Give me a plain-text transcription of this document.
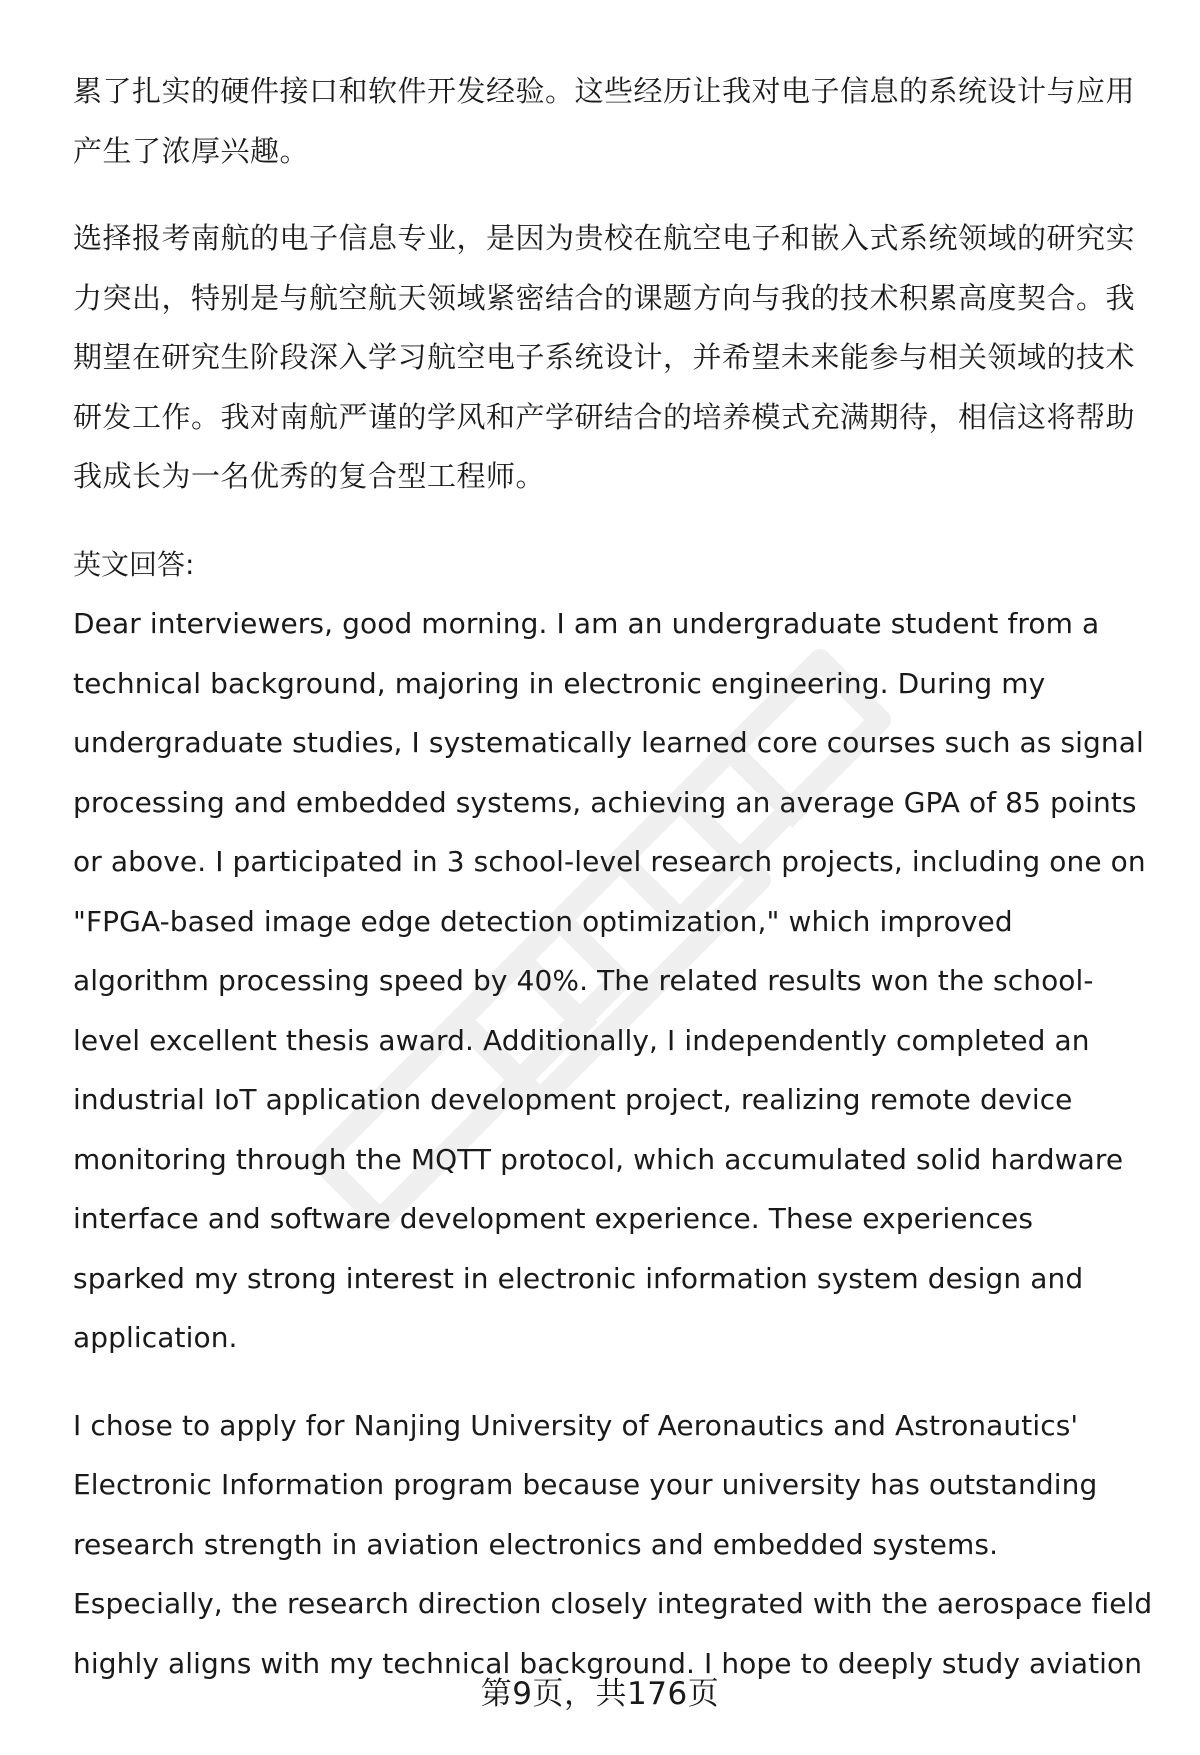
累了扎实的硬件接口和软件开发经验。这些经历让我对电子信息的系统设计与应用产生了浓厚兴趣。

选择报考南航的电子信息专业，是因为贵校在航空电子和嵌入式系统领域的研究实力突出，特别是与航空航天领域紧密结合的课题方向与我的技术积累高度契合。我期望在研究生阶段深入学习航空电子系统设计，并希望未来能参与相关领域的技术研发工作。我对南航严谨的学风和产学研结合的培养模式充满期待，相信这将帮助我成长为一名优秀的复合型工程师。

英文回答:

Dear interviewers, good morning. I am an undergraduate student from a technical background, majoring in electronic engineering. During my undergraduate studies, I systematically learned core courses such as signal processing and embedded systems, achieving an average GPA of 85 points or above. I participated in 3 school-level research projects, including one on "FPGA-based image edge detection optimization," which improved algorithm processing speed by 40%. The related results won the school-level excellent thesis award. Additionally, I independently completed an industrial IoT application development project, realizing remote device monitoring through the MQTT protocol, which accumulated solid hardware interface and software development experience. These experiences sparked my strong interest in electronic information system design and application.

I chose to apply for Nanjing University of Aeronautics and Astronautics' Electronic Information program because your university has outstanding research strength in aviation electronics and embedded systems. Especially, the research direction closely integrated with the aerospace field highly aligns with my technical background. I hope to deeply study aviation

第9页，共176页
